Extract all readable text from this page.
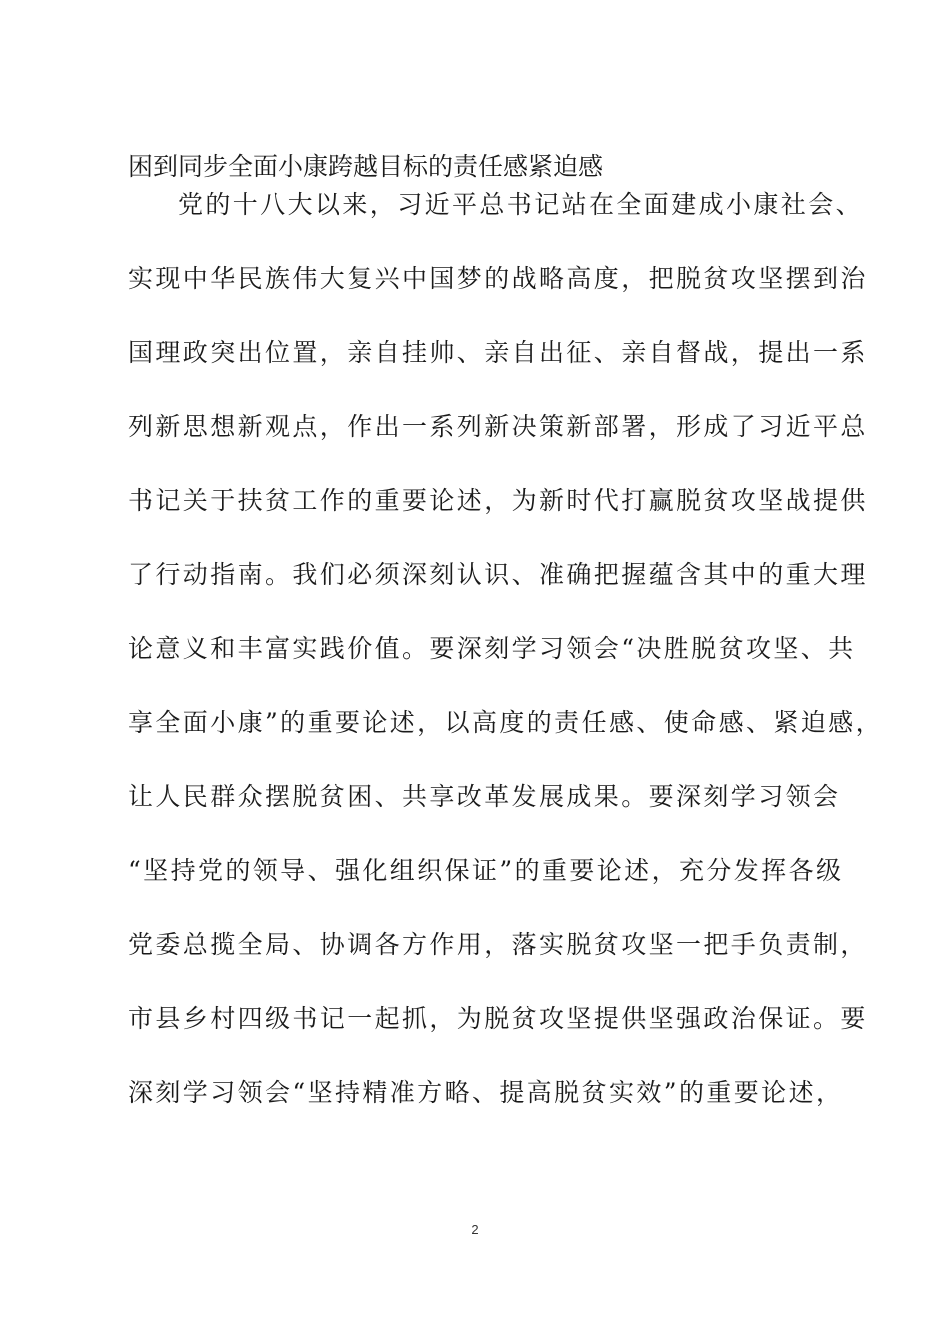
困到同步全面小康跨越目标的责任感紧迫感
党的十八大以来，习近平总书记站在全面建成小康社会、
实现中华民族伟大复兴中国梦的战略高度，把脱贫攻坚摆到治
国理政突出位置，亲自挂帅、亲自出征、亲自督战，提出一系
列新思想新观点，作出一系列新决策新部署，形成了习近平总
书记关于扶贫工作的重要论述，为新时代打赢脱贫攻坚战提供
了行动指南。我们必须深刻认识、准确把握蕴含其中的重大理
论意义和丰富实践价值。要深刻学习领会“决胜脱贫攻坚、共
享全面小康”的重要论述，以高度的责任感、使命感、紧迫感，
让人民群众摆脱贫困、共享改革发展成果。要深刻学习领会
“坚持党的领导、强化组织保证”的重要论述，充分发挥各级
党委总揽全局、协调各方作用，落实脱贫攻坚一把手负责制，
市县乡村四级书记一起抓，为脱贫攻坚提供坚强政治保证。要
深刻学习领会“坚持精准方略、提高脱贫实效”的重要论述，
2
